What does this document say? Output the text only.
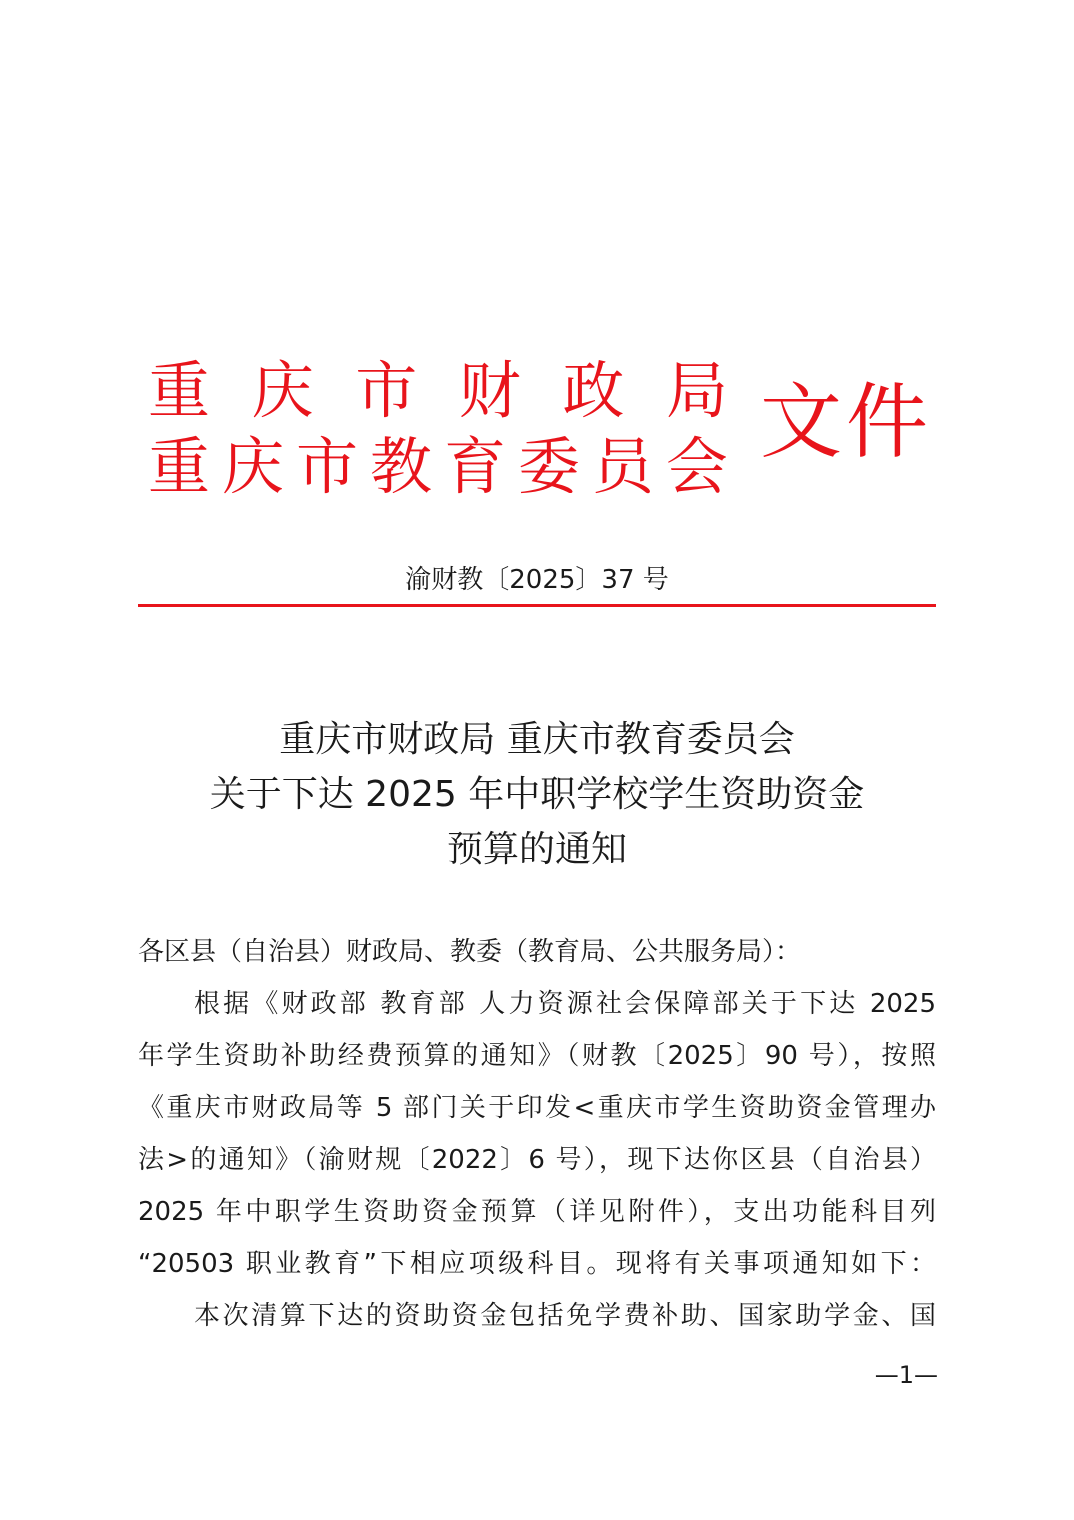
重 庆 市 财 政 局
重 庆 市 教 育 委 员 会 文件
渝财教〔2025〕37 号
重庆市财政局 重庆市教育委员会
关于下达 2025 年中职学校学生资助资金
预算的通知
各区县（自治县）财政局、教委（教育局、公共服务局）：
根据《财政部 教育部 人力资源社会保障部关于下达 2025
年学生资助补助经费预算的通知》（财教〔2025〕90 号），按照
《重庆市财政局等 5 部门关于印发<重庆市学生资助资金管理办
法>的通知》（渝财规〔2022〕6 号），现下达你区县（自治县）
2025 年中职学生资助资金预算（详见附件），支出功能科目列
“20503 职业教育”下相应项级科目。现将有关事项通知如下：
本次清算下达的资助资金包括免学费补助、国家助学金、国
—1—
